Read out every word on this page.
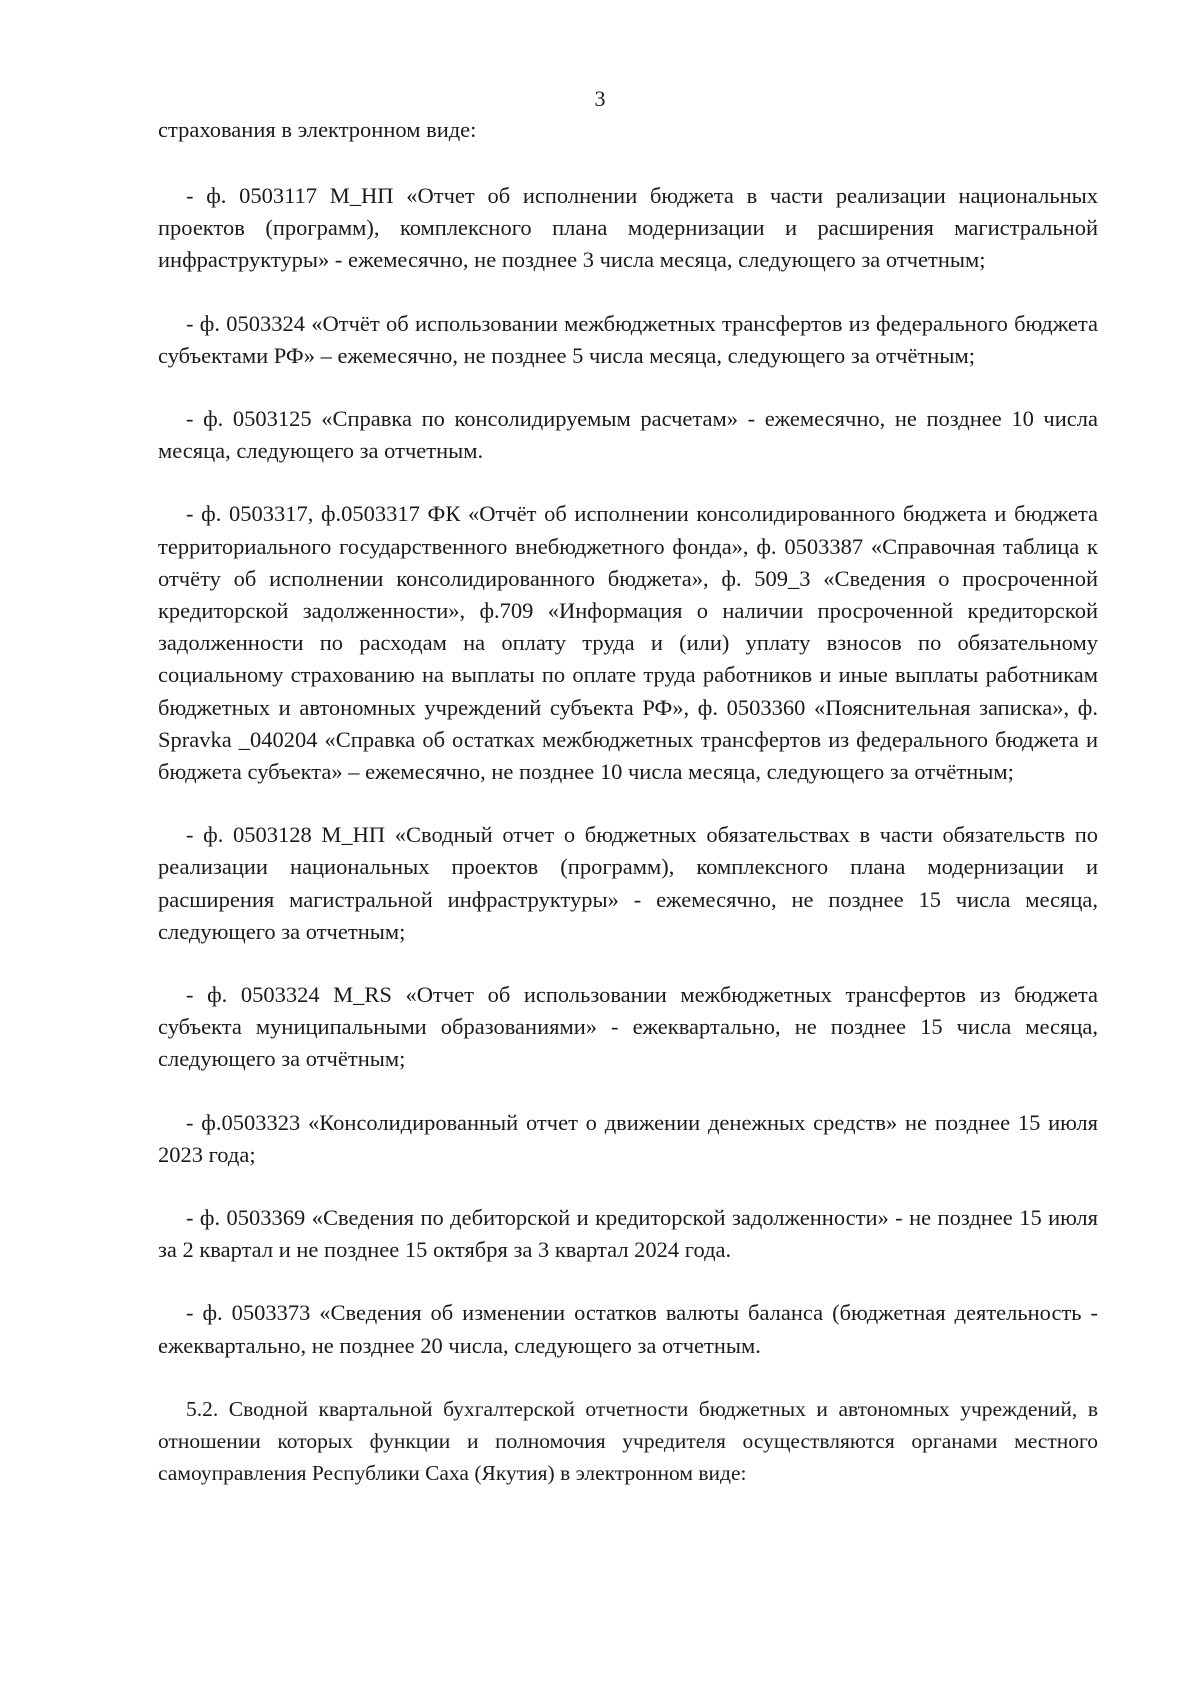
3
страхования в электронном виде:

- ф. 0503117 М_НП «Отчет об исполнении бюджета в части реализации национальных проектов (программ), комплексного плана модернизации и расширения магистральной инфраструктуры» - ежемесячно, не позднее 3 числа месяца, следующего за отчетным;

- ф. 0503324 «Отчёт об использовании межбюджетных трансфертов из федерального бюджета субъектами РФ» – ежемесячно, не позднее 5 числа месяца, следующего за отчётным;

- ф. 0503125 «Справка по консолидируемым расчетам» - ежемесячно, не позднее 10 числа месяца, следующего за отчетным.

- ф. 0503317, ф.0503317 ФК «Отчёт об исполнении консолидированного бюджета и бюджета территориального государственного внебюджетного фонда», ф. 0503387 «Справочная таблица к отчёту об исполнении консолидированного бюджета», ф. 509_3 «Сведения о просроченной кредиторской задолженности», ф.709 «Информация о наличии просроченной кредиторской задолженности по расходам на оплату труда и (или) уплату взносов по обязательному социальному страхованию на выплаты по оплате труда работников и иные выплаты работникам бюджетных и автономных учреждений субъекта РФ», ф. 0503360 «Пояснительная записка», ф. Spravka _040204 «Справка об остатках межбюджетных трансфертов из федерального бюджета и бюджета субъекта» – ежемесячно, не позднее 10 числа месяца, следующего за отчётным;

- ф. 0503128 М_НП «Сводный отчет о бюджетных обязательствах в части обязательств по реализации национальных проектов (программ), комплексного плана модернизации и расширения магистральной инфраструктуры» - ежемесячно, не позднее 15 числа месяца, следующего за отчетным;

- ф. 0503324 М_RS «Отчет об использовании межбюджетных трансфертов из бюджета субъекта муниципальными образованиями» - ежеквартально, не позднее 15 числа месяца, следующего за отчётным;

- ф.0503323 «Консолидированный отчет о движении денежных средств» не позднее 15 июля 2023 года;

- ф. 0503369 «Сведения по дебиторской и кредиторской задолженности» - не позднее 15 июля за 2 квартал и не позднее 15 октября за 3 квартал 2024 года.

- ф. 0503373 «Сведения об изменении остатков валюты баланса (бюджетная деятельность - ежеквартально, не позднее 20 числа, следующего за отчетным.

5.2. Сводной квартальной бухгалтерской отчетности бюджетных и автономных учреждений, в отношении которых функции и полномочия учредителя осуществляются органами местного самоуправления Республики Саха (Якутия) в электронном виде:
